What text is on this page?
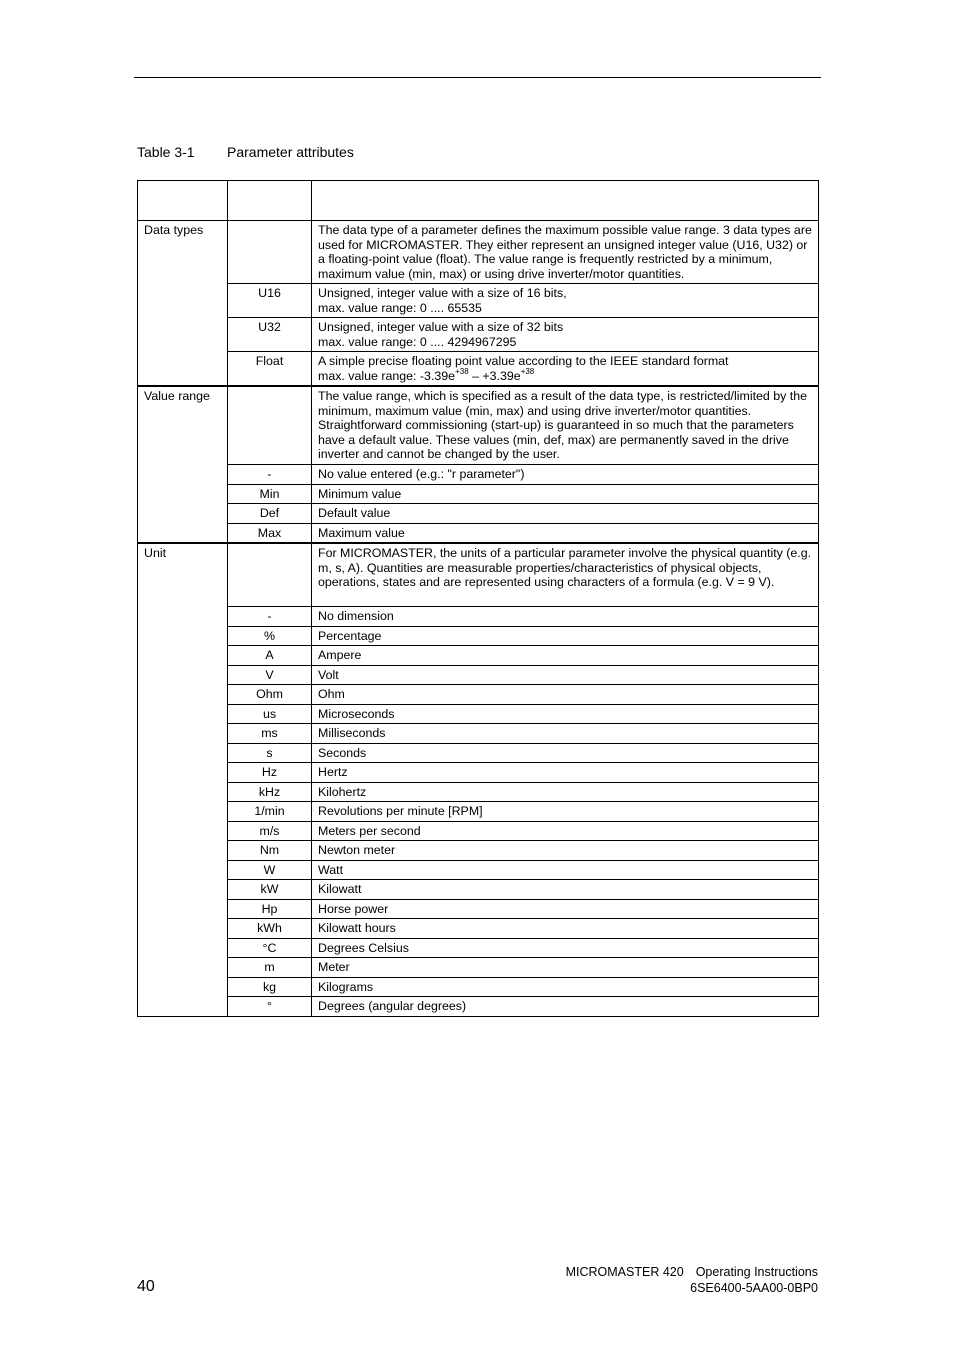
Table 3-1 Parameter attributes

Data types		The data type of a parameter defines the maximum possible value range. 3 data types are used for MICROMASTER. They either represent an unsigned integer value (U16, U32) or a floating-point value (float). The value range is frequently restricted by a minimum, maximum value (min, max) or using drive inverter/motor quantities.
	U16	Unsigned, integer value with a size of 16 bits,
max. value range: 0 .... 65535
	U32	Unsigned, integer value with a size of 32 bits
max. value range: 0 .... 4294967295
	Float	A simple precise floating point value according to the IEEE standard format
max. value range: $-3.39e^{+38} - +3.39e^{+38}$
Value range		The value range, which is specified as a result of the data type, is restricted/limited by the minimum, maximum value (min, max) and using drive inverter/motor quantities. Straightforward commissioning (start-up) is guaranteed in so much that the parameters have a default value. These values (min, def, max) are permanently saved in the drive inverter and cannot be changed by the user.
	-	No value entered (e.g.: "r parameter")
	Min	Minimum value
	Def	Default value
	Max	Maximum value
Unit		For MICROMASTER, the units of a particular parameter involve the physical quantity (e.g. m, s, A). Quantities are measurable properties/characteristics of physical objects, operations, states and are represented using characters of a formula (e.g. V = 9 V).
	-	No dimension
	%	Percentage
	A	Ampere
	V	Volt
	Ohm	Ohm
	us	Microseconds
	ms	Milliseconds
	s	Seconds
	Hz	Hertz
	kHz	Kilohertz
	1/min	Revolutions per minute [RPM]
	m/s	Meters per second
	Nm	Newton meter
	W	Watt
	kW	Kilowatt
	Hp	Horse power
	kWh	Kilowatt hours
	°C	Degrees Celsius
	m	Meter
	kg	Kilograms
	°	Degrees (angular degrees)
40
MICROMASTER 420 Operating Instructions
6SE6400-5AA00-0BP0
